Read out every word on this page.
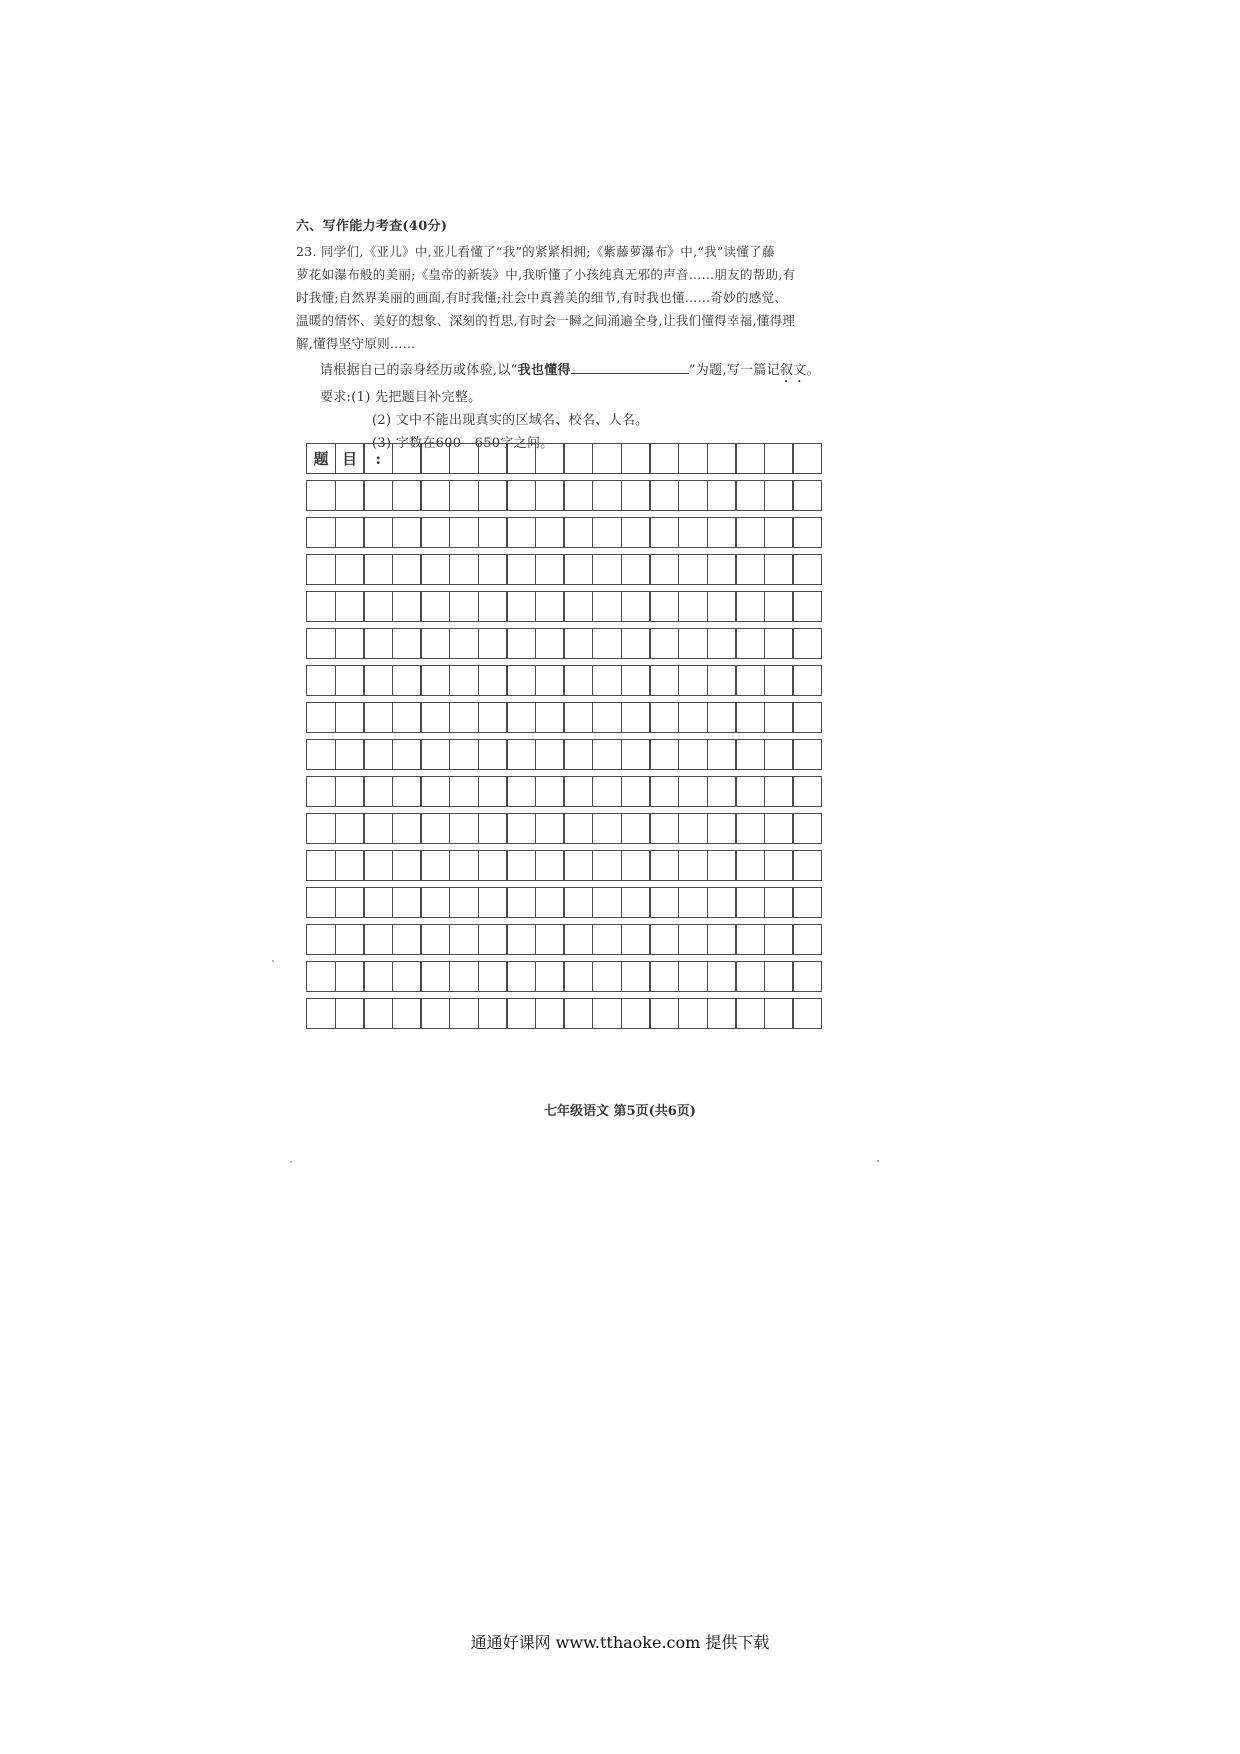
六、写作能力考查(40分)
23. 同学们,《亚儿》中,亚儿看懂了“我”的紧紧相拥;《紫藤萝瀑布》中,“我”读懂了藤
萝花如瀑布般的美丽;《皇帝的新装》中,我听懂了小孩纯真无邪的声音……朋友的帮助,有
时我懂;自然界美丽的画面,有时我懂;社会中真善美的细节,有时我也懂……奇妙的感觉、
温暖的情怀、美好的想象、深刻的哲思,有时会一瞬之间涌遍全身,让我们懂得幸福,懂得理
解,懂得坚守原则……
请根据自己的亲身经历或体验,以“我也懂得	”为题,写一篇记叙文。
要求:(1) 先把题目补完整。
(2) 文中不能出现真实的区域名、校名、人名。
(3) 字数在600—650字之间。
题 目	:
七年级语文 第5页(共6页)
通通好课网 www.tthaoke.com 提供下载
